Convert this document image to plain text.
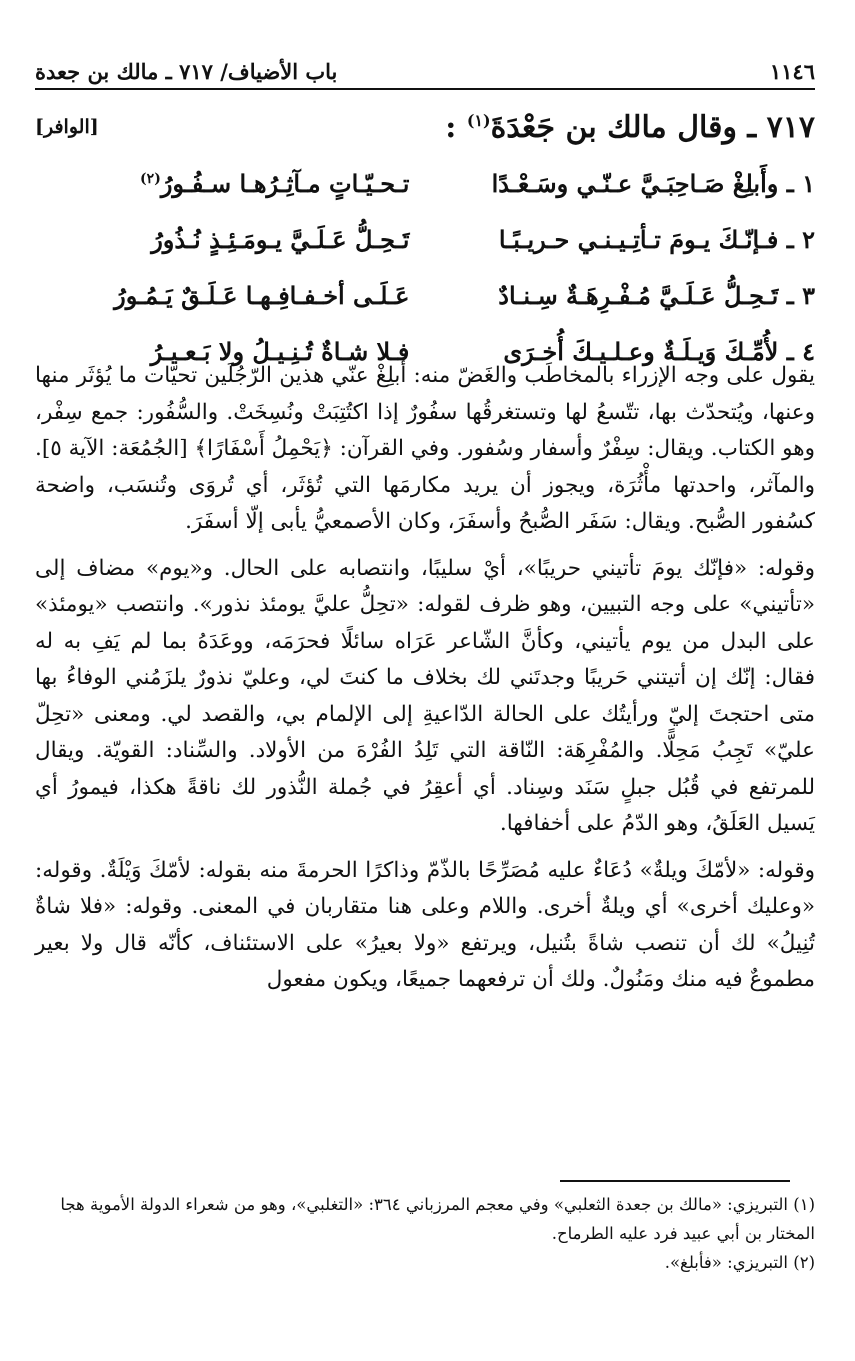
١١٤٦
باب الأضياف/ ٧١٧ ـ مالك بن جعدة
٧١٧ ـ وقال مالك بن جَعْدَةَ$^{(١)}$ :
[الوافر]
١ ـ وأَبلِغْ صَـاحِبَـيَّ عـنّـي وسَـعْـدًا
تـحـيّـاتٍ مـآثِـرُهـا سـفُـورُ$^{(٢)}$
٢ ـ فـإنّـكَ يـومَ تـأتِـيـنـي حـريـبًـا
تَـحِـلُّ عَـلَـيَّ يـومَـئِـذٍ نُـذُورُ
٣ ـ تَـحِـلُّ عَـلَـيَّ مُـفْـرِهَـةٌ سِـنـادٌ
عَـلَـى أخـفـافِـهـا عَـلَـقٌ يَـمُـورُ
٤ ـ لأُمِّـكَ وَيـلَـةٌ وعـلـيـكَ أُخـرَى
فـلا شـاةٌ تُـنِـيـلُ ولا بَـعـيـرُ

يقول على وجه الإزراء بالمخاطَب والغَضّ منه: أبلِغْ عنّي هذين الرّجُلَين تحيّات ما يُؤثَر منها وعنها، ويُتحدّث بها، تتّسعُ لها وتستغرقُها سفُورٌ إذا اكتُتِبَتْ ونُسِخَتْ. والسُّفُور: جمع سِفْر، وهو الكتاب. ويقال: سِفْرٌ وأسفار وسُفور. وفي القرآن: ﴿يَحْمِلُ أَسْفَارًا﴾ [الجُمُعَة: الآية ٥]. والمآثر، واحدتها مأْثُرَة، ويجوز أن يريد مكارمَها التي تُؤثَر، أي تُروَى وتُنسَب، واضحة كسُفور الصُّبح. ويقال: سَفَر الصُّبحُ وأسفَرَ، وكان الأصمعيُّ يأبى إلّا أسفَرَ.

وقوله: «فإنّك يومَ تأتيني حريبًا»، أيْ سليبًا، وانتصابه على الحال. و«يوم» مضاف إلى «تأتيني» على وجه التبيين، وهو ظرف لقوله: «تحِلُّ عليَّ يومئذ نذور». وانتصب «يومئذ» على البدل من يوم يأتيني، وكأنَّ الشّاعر عَرَاه سائلًا فحرَمَه، ووعَدَهُ بما لم يَفِ به له فقال: إنّك إن أتيتني حَريبًا وجدتَني لك بخلاف ما كنتَ لي، وعليّ نذورٌ يلزَمُني الوفاءُ بها متى احتجتَ إليّ ورأيتُك على الحالة الدّاعيةِ إلى الإلمام بي، والقصد لي. ومعنى «تحِلّ عليّ» تَجِبُ مَحِلًّا. والمُفْرِهَة: النّاقة التي تَلِدُ الفُرْهَ من الأولاد. والسِّناد: القويّة. ويقال للمرتفع في قُبُل جبلٍ سَنَد وسِناد. أي أعقِرُ في جُملة النُّذور لك ناقةً هكذا، فيمورُ أي يَسيل العَلَقُ، وهو الدّمُ على أخفافها.

وقوله: «لأمّكَ ويلةٌ» دُعَاءٌ عليه مُصَرِّحًا بالذّمّ وذاكرًا الحرمةَ منه بقوله: لأمّكَ وَيْلَةٌ. وقوله: «وعليك أخرى» أي ويلةٌ أخرى. واللام وعلى هنا متقاربان في المعنى. وقوله: «فلا شاةٌ تُنِيلُ» لك أن تنصب شاةً بتُنيل، ويرتفع «ولا بعيرُ» على الاستئناف، كأنّه قال ولا بعير مطموعٌ فيه منك ومَنُولٌ. ولك أن ترفعهما جميعًا، ويكون مفعول

(١) التبريزي: «مالك بن جعدة الثعلبي» وفي معجم المرزباني ٣٦٤: «التغلبي»، وهو من شعراء الدولة الأموية هجا المختار بن أبي عبيد فرد عليه الطرماح.

(٢) التبريزي: «فأبلغ».
